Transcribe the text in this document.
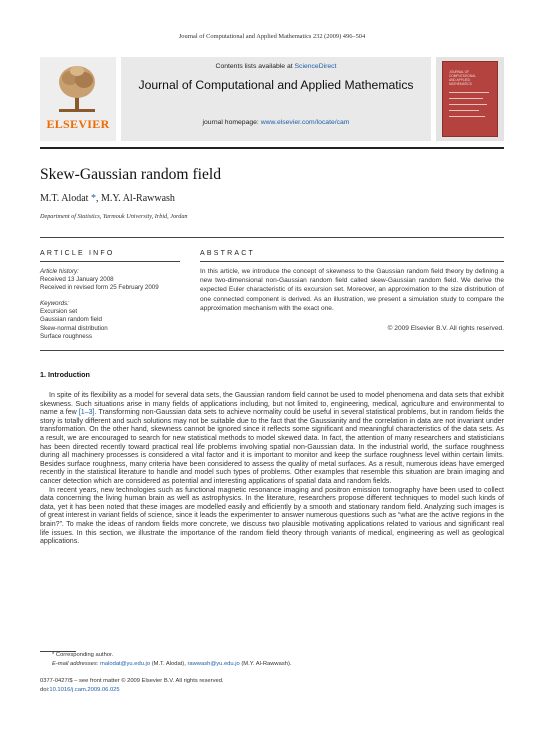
Journal of Computational and Applied Mathematics 232 (2009) 496–504
ELSEVIER
Contents lists available at ScienceDirect
Journal of Computational and Applied Mathematics
journal homepage: www.elsevier.com/locate/cam
JOURNAL OF COMPUTATIONAL AND APPLIED MATHEMATICS
Skew-Gaussian random field
M.T. Alodat *, M.Y. Al-Rawwash
Department of Statistics, Yarmouk University, Irbid, Jordan
ARTICLE INFO	ABSTRACT
Article history:
Received 13 January 2008
Received in revised form 25 February 2009
Keywords:
Excursion set
Gaussian random field
Skew-normal distribution
Surface roughness
In this article, we introduce the concept of skewness to the Gaussian random field theory by defining a new two-dimensional non-Gaussian random field called skew-Gaussian random field. We derive the expected Euler characteristic of its excursion set. Moreover, an approximation to the size distribution of one connected component is derived. As an illustration, we present a simulation study to compare the approximation mechanism with the exact one.
© 2009 Elsevier B.V. All rights reserved.
1. Introduction

In spite of its flexibility as a model for several data sets, the Gaussian random field cannot be used to model phenomena and data sets that exhibit skewness. Such situations arise in many fields of applications including, but not limited to, engineering, medical, agriculture and environmental to name a few [1–3]. Transforming non-Gaussian data sets to achieve normality could be useful in several statistical problems, but in random fields the story is totally different and such solutions may not be suitable due to the fact that the Gaussianity and the correlation in data are not invariant under transformation. On the other hand, skewness cannot be ignored since it reflects some significant and meaningful characteristics of the data sets. As a result, we are encouraged to search for new statistical methods to model skewed data. In fact, the attention of many researchers and statisticians has been directed recently toward practical real life problems involving spatial non-Gaussian data. In the industrial world, the surface roughness during all machinery processes is considered a vital factor and it is important to monitor and keep the surface roughness level within certain limits. Besides surface roughness, many criteria have been considered to assess the quality of metal surfaces. As a result, numerous ideas have emerged recently in the statistical literature to handle and model such types of problems. Other examples that resemble this situation are brain imaging and cancer detection which are considered as potential and interesting applications of spatial data and random fields.

In recent years, new technologies such as functional magnetic resonance imaging and positron emission tomography have been used to collect data concerning the living human brain as well as astrophysics. In the literature, researchers propose different techniques to model such kinds of data, yet it has been noted that these images are modelled easily and efficiently by a smooth and stationary random field. Analyzing such images is of great interest in variant fields of science, since it leads the experimenter to answer numerous questions such as “what are the active regions in the brain?”. To make the ideas of random fields more concrete, we discuss two plausible motivating applications related to various and significant real life issues. In this section, we illustrate the importance of the random field theory through variants of medical, engineering as well as geological applications.

* Corresponding author.
E-mail addresses: malodat@yu.edu.jo (M.T. Alodat), rawwash@yu.edu.jo (M.Y. Al-Rawwash).
0377-0427/$ – see front matter © 2009 Elsevier B.V. All rights reserved.
doi:10.1016/j.cam.2009.06.025
